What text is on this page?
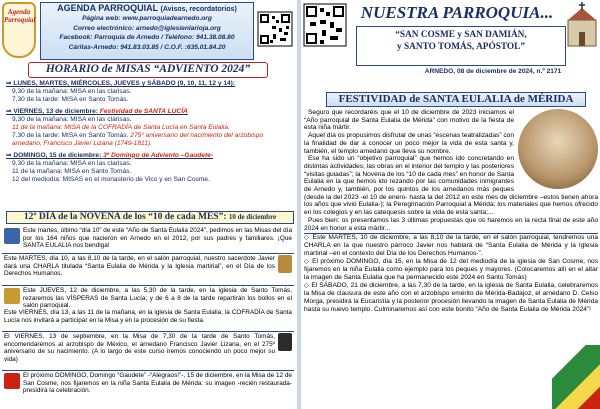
Agenda
Parroquial
AGENDA PARROQUIAL (Avisos, recordatorios)
Página web: www.parroquiadearnedo.org
Correo electrónico: arnedo@iglesienlarioja.org
Facebook: Parroquia de Arnedo / Teléfono: 941.38.08.80
Cáritas-Arnedo: 941.83.03.85 / C.O.F. :635.01.84.20
HORARIO de MISAS “ADVIENTO 2024”
⇒ LUNES, MARTES, MIÉRCOLES, JUEVES y SÁBADO (9, 10, 11, 12 y 14):
9,30 de la mañana: MISA en las clarisas.
7,30 de la tarde: MISA en Santo Tomás.
⇒ VIERNES, 13 de diciembre: Festividad de SANTA LUCÍA
9,30 de la mañana: MISA en las clarisas.
11 de la mañana: MISA de la COFRADÍA de Santa Lucía en Santa Eulalia.
7,30 de la tarde: MISA en Santo Tomás. 275º aniversario del nacimiento del arzobispo arnedano, Francisco Javier Lizana (1749-1811).
⇒ DOMINGO, 15 de diciembre: 3º Domingo de Adviento –Gaudete-
9,30 de la mañana: MISA en las clarisas.
11 de la mañana: MISA en Santo Tomás.
12 del mediodía: MISAS en el monasterio de Vico y en San Cosme.
12º DÍA de la NOVENA de los “10 de cada MES”: 10 de diciembre
Este martes, último “día 10” de este “Año de Santa Eulalia 2024”, pedimos en las Misas del día por los 164 niños que nacieron en Arnedo en el 2012, por sus padres y familiares. ¡Que SANTA EULALIA nos bendiga!
Este MARTES, día 10, a las 8,10 de la tarde, en el salón parroquial, nuestro sacerdote Javier dará una CHARLA titulada “Santa Eulalia de Mérida y la Iglesia martirial”, en el Día de los Derechos Humanos.
Este JUEVES, 12 de diciembre, a las 5,30 de la tarde, en la iglesia de Santo Tomás, rezaremos las VÍSPERAS de Santa Lucía; y de 6 a 8 de la tarde repartirán los bollos en el salón parroquial.
Este VIERNES, día 13, a las 11 de la mañana, en la iglesia de Santa Eulalia, la COFRADÍA de Santa Lucía nos invitará a participar en la Misa y en la procesión de su fiesta.
El VIERNES, 13 de septiembre, en la Misa de 7,30 de la tarde de Santo Tomás, encomendaremos al arzobispo de México, el arnedano Francisco Javier Lizana, en el 275º aniversario de su nacimiento. (A lo largo de este curso iremos conociendo un poco mejor su vida)
El próximo DOMINGO, Domingo “Gaudete” -“Alegraos!”-, 15 de diciembre, en la Misa de 12 de San Cosme, nos fijaremos en la niña Santa Eulalia de Mérida: su imagen -recién restaurada- presidirá la celebración.
NUESTRA PARROQUIA...
“SAN COSME y SAN DAMIÁN,
y SANTO TOMÁS, APÓSTOL”
ARNEDO, 08 de diciembre de 2024, n.º 2171
FESTIVIDAD de SANTA EULALIA de MÉRIDA

Seguro que recordaréis que el 10 de diciembre de 2023 iniciamos el “Año parroquial de Santa Eulalia de Mérida” con motivo de la fiesta de esta niña mártir.

Aquel día os propusimos disfrutar de unas “escenas teatralizadas” con la finalidad de dar a conocer un poco mejor la vida de esta santa y, también, el templo arnedano que lleva su nombre.

Ese ha sido un “objetivo parroquial” que hemos ido concretando en distintas actividades; las obras en el interior del templo y las posteriores “visitas guiadas”; la Novena de los “10 de cada mes” en honor de Santa Eulalia en la que hemos ido rezando por las comunidades inmigrantes de Arnedo y, también, por los quintos de los arnedanos más peques (desde la del 2023 -el 10 de enero- hasta la del 2012 en este mes de diciembre –estos tienen ahora los años que vivió Eulalia-); la Peregrinación Parroquial a Mérida; los materiales que hemos ofrecido en los colegios y en las catequesis sobre la vida de esta santa;...

Pues bien: os presentamos las 3 últimas propuestas que os haremos en la recta final de este año 2024 en honor a esta mártir...

◇ Este MARTES, 10 de diciembre, a las 8,10 de la tarde, en el salón parroquial, tendremos una CHARLA en la que nuestro párroco Javier nos hablará de “Santa Eulalia de Mérida y la Iglesia martirial –en el contexto del Día de los Derechos Humanos-”.
◇ El próximo DOMINGO, día 15, en la Misa de 12 del mediodía de la iglesia de San Cosme, nos fijaremos en la niña Eulalia como ejemplo para los peques y mayores. (Colocaremos allí en el altar la imagen de Santa Eulalia que ha permanecido este 2024 en Santo Tomás)
◇ El SÁBADO, 21 de diciembre, a las 7,30 de la tarde, en la iglesia de Santa Eulalia, celebraremos la Misa de clausura de este año con el arzobispo emérito de Mérida-Badajoz, el arnedano D. Celso Morga, presidirá la Eucaristía y la posterior procesión llevando la imagen de Santa Eulalia de Mérida hasta su nuevo templo. Culminaremos así con este bonito “Año de Santa Eulalia de Mérida 2024”!
